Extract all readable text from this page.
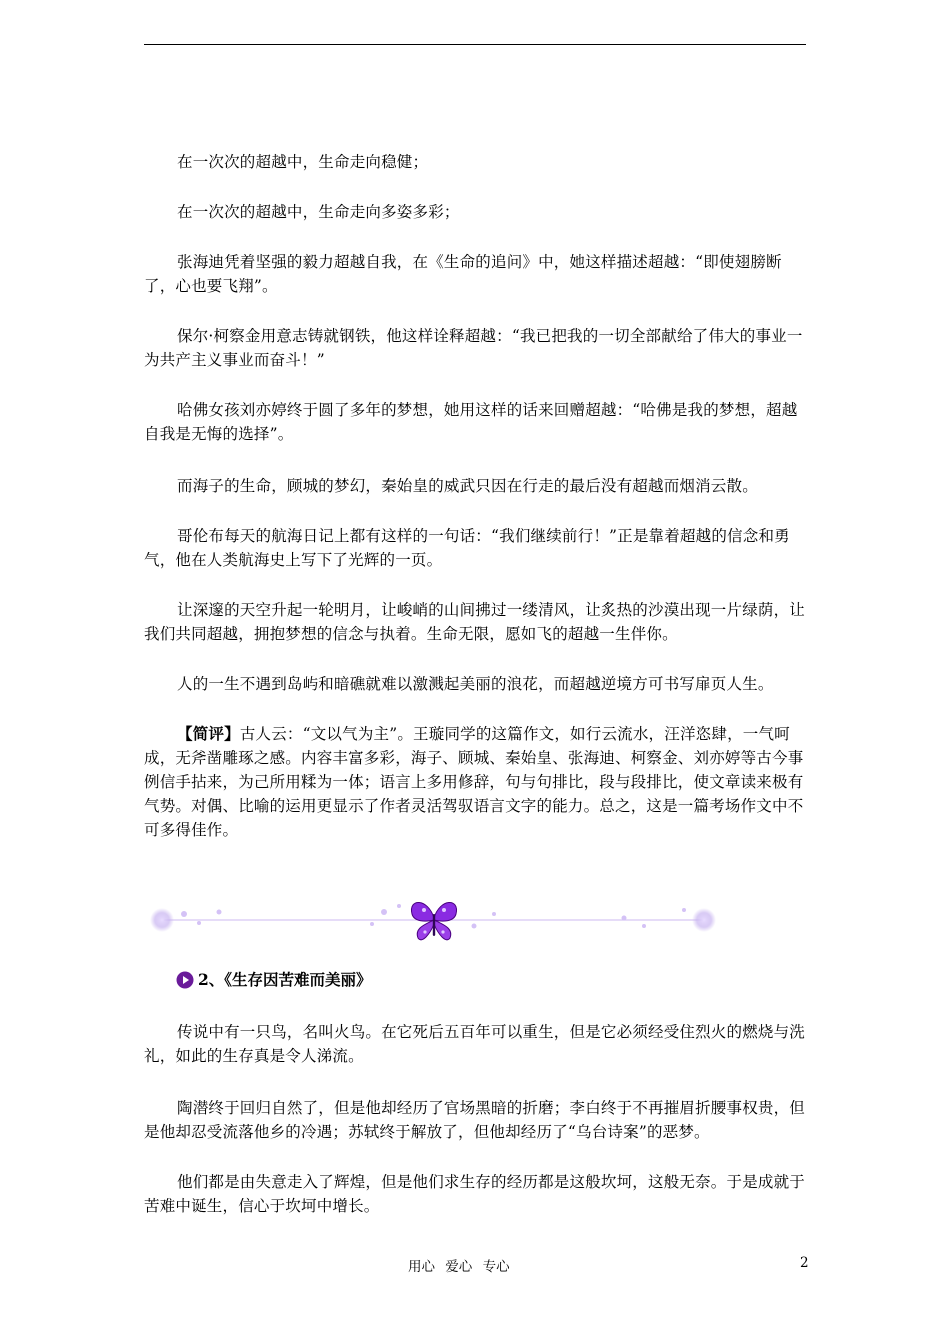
在一次次的超越中，生命走向稳健；

在一次次的超越中，生命走向多姿多彩；

张海迪凭着坚强的毅力超越自我，在《生命的追问》中，她这样描述超越：“即使翅膀断了，心也要飞翔”。

保尔·柯察金用意志铸就钢铁，他这样诠释超越：“我已把我的一切全部献给了伟大的事业一为共产主义事业而奋斗！”

哈佛女孩刘亦婷终于圆了多年的梦想，她用这样的话来回赠超越：“哈佛是我的梦想，超越自我是无悔的选择”。

而海子的生命，顾城的梦幻，秦始皇的威武只因在行走的最后没有超越而烟消云散。

哥伦布每天的航海日记上都有这样的一句话：“我们继续前行！”正是靠着超越的信念和勇气，他在人类航海史上写下了光辉的一页。

让深邃的天空升起一轮明月，让峻峭的山间拂过一缕清风，让炙热的沙漠出现一片绿荫，让我们共同超越，拥抱梦想的信念与执着。生命无限，愿如飞的超越一生伴你。

人的一生不遇到岛屿和暗礁就难以激溅起美丽的浪花，而超越逆境方可书写扉页人生。

【简评】古人云：“文以气为主”。王璇同学的这篇作文，如行云流水，汪洋恣肆，一气呵成，无斧凿雕琢之感。内容丰富多彩，海子、顾城、秦始皇、张海迪、柯察金、刘亦婷等古今事例信手拈来，为己所用糅为一体；语言上多用修辞，句与句排比，段与段排比，使文章读来极有气势。对偶、比喻的运用更显示了作者灵活驾驭语言文字的能力。总之，这是一篇考场作文中不可多得佳作。

2、《生存因苦难而美丽》

传说中有一只鸟，名叫火鸟。在它死后五百年可以重生，但是它必须经受住烈火的燃烧与洗礼，如此的生存真是令人涕流。

陶潜终于回归自然了，但是他却经历了官场黑暗的折磨；李白终于不再摧眉折腰事权贵，但是他却忍受流落他乡的冷遇；苏轼终于解放了，但他却经历了“乌台诗案”的恶梦。

他们都是由失意走入了辉煌，但是他们求生存的经历都是这般坎坷，这般无奈。于是成就于苦难中诞生，信心于坎坷中增长。

用心 爱心 专心	2
